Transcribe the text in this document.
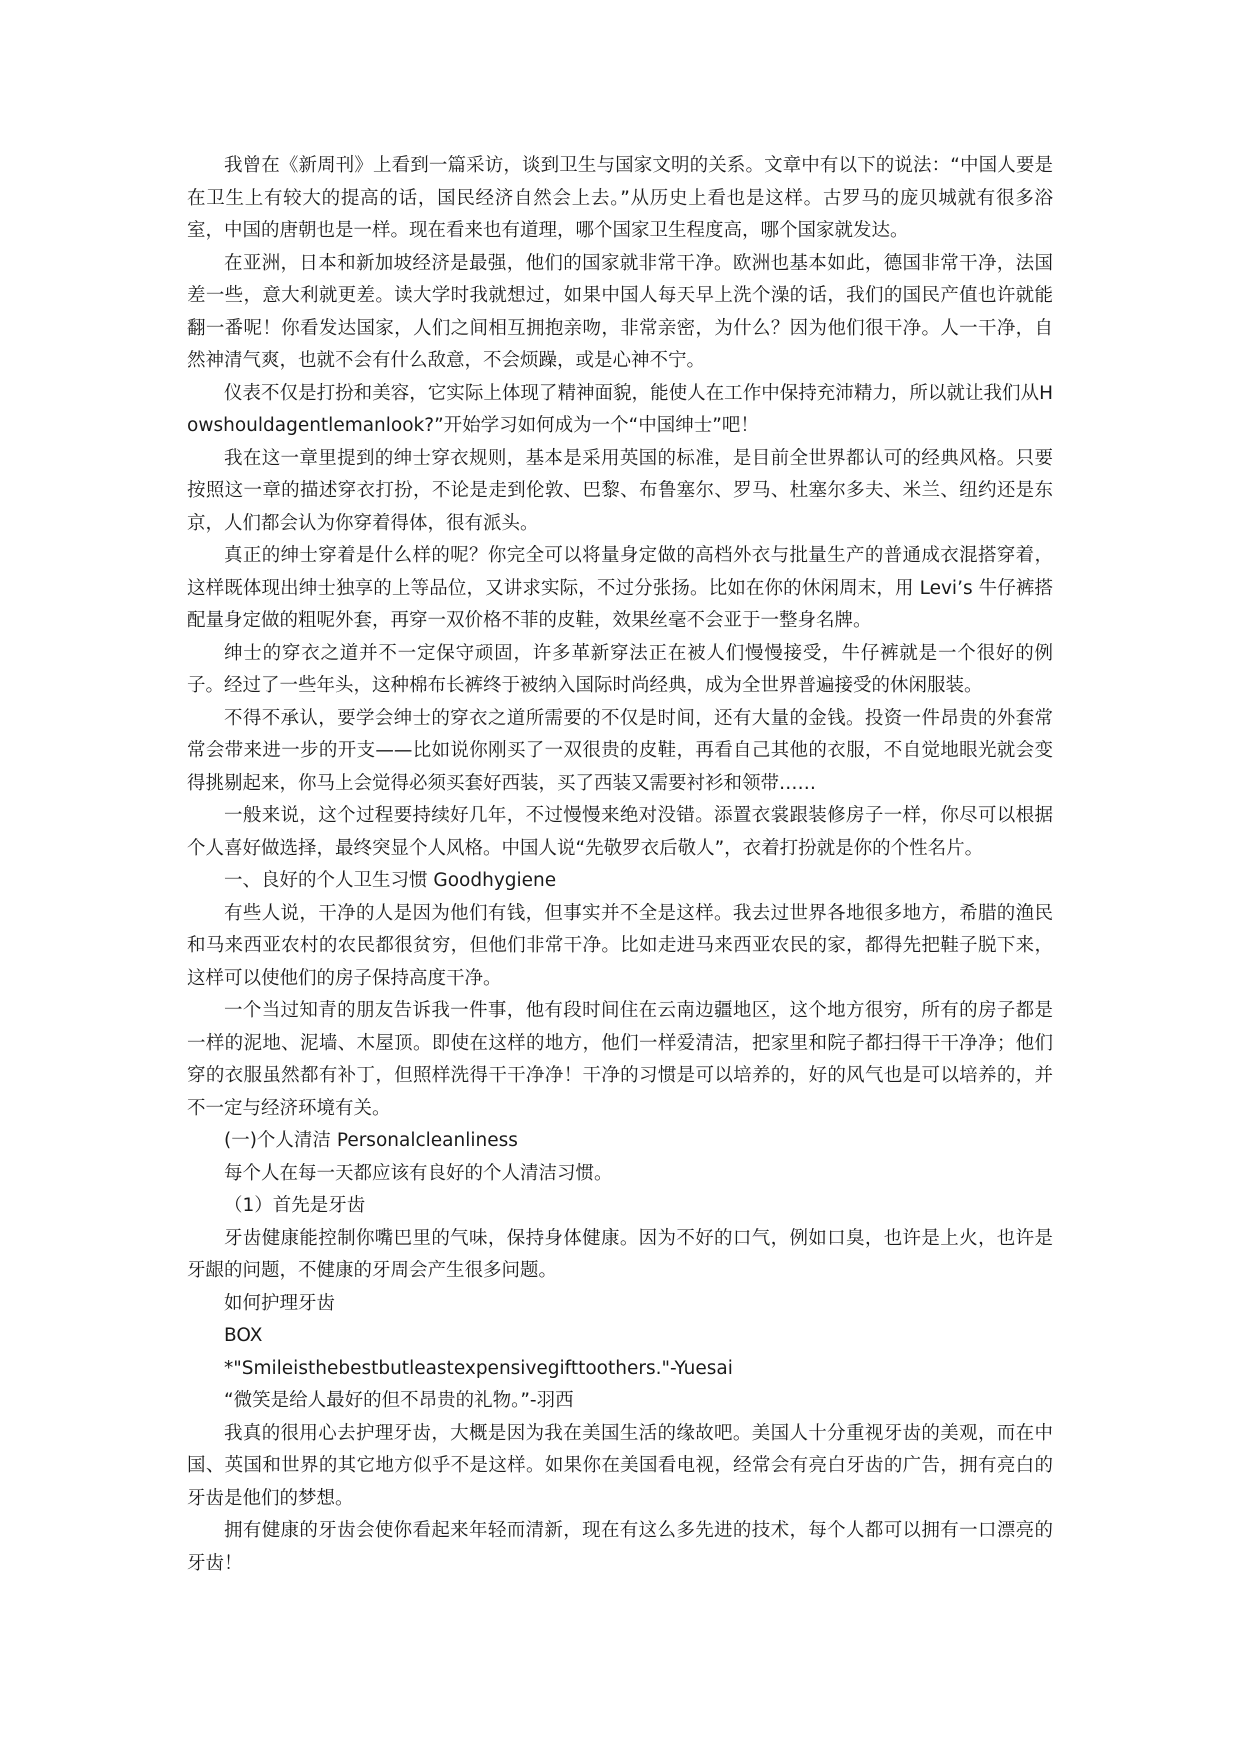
我曾在《新周刊》上看到一篇采访，谈到卫生与国家文明的关系。文章中有以下的说法：“中国人要是在卫生上有较大的提高的话，国民经济自然会上去。”从历史上看也是这样。古罗马的庞贝城就有很多浴室，中国的唐朝也是一样。现在看来也有道理，哪个国家卫生程度高，哪个国家就发达。

在亚洲，日本和新加坡经济是最强，他们的国家就非常干净。欧洲也基本如此，德国非常干净，法国差一些，意大利就更差。读大学时我就想过，如果中国人每天早上洗个澡的话，我们的国民产值也许就能翻一番呢！你看发达国家，人们之间相互拥抱亲吻，非常亲密，为什么？因为他们很干净。人一干净，自然神清气爽，也就不会有什么敌意，不会烦躁，或是心神不宁。

仪表不仅是打扮和美容，它实际上体现了精神面貌，能使人在工作中保持充沛精力，所以就让我们从Howshouldagentlemanlook?”开始学习如何成为一个“中国绅士”吧！

我在这一章里提到的绅士穿衣规则，基本是采用英国的标准，是目前全世界都认可的经典风格。只要按照这一章的描述穿衣打扮，不论是走到伦敦、巴黎、布鲁塞尔、罗马、杜塞尔多夫、米兰、纽约还是东京，人们都会认为你穿着得体，很有派头。

真正的绅士穿着是什么样的呢？你完全可以将量身定做的高档外衣与批量生产的普通成衣混搭穿着，这样既体现出绅士独享的上等品位，又讲求实际，不过分张扬。比如在你的休闲周末，用 Levi’s 牛仔裤搭配量身定做的粗呢外套，再穿一双价格不菲的皮鞋，效果丝毫不会亚于一整身名牌。

绅士的穿衣之道并不一定保守顽固，许多革新穿法正在被人们慢慢接受，牛仔裤就是一个很好的例子。经过了一些年头，这种棉布长裤终于被纳入国际时尚经典，成为全世界普遍接受的休闲服装。

不得不承认，要学会绅士的穿衣之道所需要的不仅是时间，还有大量的金钱。投资一件昂贵的外套常常会带来进一步的开支——比如说你刚买了一双很贵的皮鞋，再看自己其他的衣服，不自觉地眼光就会变得挑剔起来，你马上会觉得必须买套好西装，买了西装又需要衬衫和领带……

一般来说，这个过程要持续好几年，不过慢慢来绝对没错。添置衣裳跟装修房子一样，你尽可以根据个人喜好做选择，最终突显个人风格。中国人说“先敬罗衣后敬人”，衣着打扮就是你的个性名片。

一、良好的个人卫生习惯 Goodhygiene

有些人说，干净的人是因为他们有钱，但事实并不全是这样。我去过世界各地很多地方，希腊的渔民和马来西亚农村的农民都很贫穷，但他们非常干净。比如走进马来西亚农民的家，都得先把鞋子脱下来，这样可以使他们的房子保持高度干净。

一个当过知青的朋友告诉我一件事，他有段时间住在云南边疆地区，这个地方很穷，所有的房子都是一样的泥地、泥墙、木屋顶。即使在这样的地方，他们一样爱清洁，把家里和院子都扫得干干净净；他们穿的衣服虽然都有补丁，但照样洗得干干净净！干净的习惯是可以培养的，好的风气也是可以培养的，并不一定与经济环境有关。

(一)个人清洁 Personalcleanliness

每个人在每一天都应该有良好的个人清洁习惯。

（1）首先是牙齿

牙齿健康能控制你嘴巴里的气味，保持身体健康。因为不好的口气，例如口臭，也许是上火，也许是牙龈的问题，不健康的牙周会产生很多问题。

如何护理牙齿

BOX

*"Smileisthebestbutleastexpensivegifttoothers."-Yuesai

“微笑是给人最好的但不昂贵的礼物。”-羽西

我真的很用心去护理牙齿，大概是因为我在美国生活的缘故吧。美国人十分重视牙齿的美观，而在中国、英国和世界的其它地方似乎不是这样。如果你在美国看电视，经常会有亮白牙齿的广告，拥有亮白的牙齿是他们的梦想。

拥有健康的牙齿会使你看起来年轻而清新，现在有这么多先进的技术，每个人都可以拥有一口漂亮的牙齿！
